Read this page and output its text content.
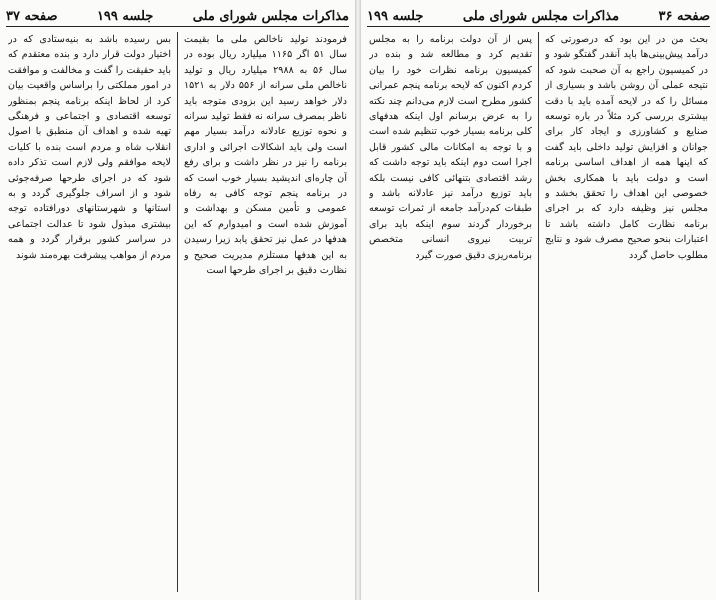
مذاکرات مجلس شورای ملی
جلسه ۱۹۹
صفحه ۳۷

فرمودند تولید ناخالص ملی ما بقیمت سال ۵۱ اگر ۱۱۶۵ میلیارد ریال بوده در سال ۵۶ به ۲۹۸۸ میلیارد ریال و تولید ناخالص ملی سرانه از ۵۵۶ دلار به ۱۵۲۱ دلار خواهد رسید این بزودی متوجه باید ناظر بمصرف سرانه نه فقط تولید سرانه و نحوه توزیع عادلانه درآمد بسیار مهم است ولی باید اشکالات اجرائی و اداری برنامه را نیز در نظر داشت و برای رفع آن چاره‌ای اندیشید بسیار خوب است که در برنامه پنجم توجه کافی به رفاه عمومی و تأمین مسکن و بهداشت و آموزش شده است و امیدوارم که این هدفها در عمل نیز تحقق یابد زیرا رسیدن به این هدفها مستلزم مدیریت صحیح و نظارت دقیق بر اجرای طرحها است

بس رسیده باشد به بنیه‌ستادی که در اختیار دولت قرار دارد و بنده معتقدم که باید حقیقت را گفت و مخالفت و موافقت در امور مملکتی را براساس واقعیت بیان کرد از لحاظ اینکه برنامه پنجم بمنظور توسعه اقتصادی و اجتماعی و فرهنگی تهیه شده و اهداف آن منطبق با اصول انقلاب شاه و مردم است بنده با کلیات لایحه موافقم ولی لازم است تذکر داده شود که در اجرای طرحها صرفه‌جوئی شود و از اسراف جلوگیری گردد و به استانها و شهرستانهای دورافتاده توجه بیشتری مبذول شود تا عدالت اجتماعی در سراسر کشور برقرار گردد و همه مردم از مواهب پیشرفت بهره‌مند شوند

صفحه ۳۶
مذاکرات مجلس شورای ملی
جلسه ۱۹۹

بحث من در این بود که درصورتی که درآمد پیش‌بینی‌ها باید آنقدر گفتگو شود و در کمیسیون راجع به آن صحبت شود که نتیجه عملی آن روشن باشد و بسیاری از مسائل را که در لایحه آمده باید با دقت بیشتری بررسی کرد مثلاً در باره توسعه صنایع و کشاورزی و ایجاد کار برای جوانان و افزایش تولید داخلی باید گفت که اینها همه از اهداف اساسی برنامه است و دولت باید با همکاری بخش خصوصی این اهداف را تحقق بخشد و مجلس نیز وظیفه دارد که بر اجرای برنامه نظارت کامل داشته باشد تا اعتبارات بنحو صحیح مصرف شود و نتایج مطلوب حاصل گردد

پس از آن دولت برنامه را به مجلس تقدیم کرد و مطالعه شد و بنده در کمیسیون برنامه نظرات خود را بیان کردم اکنون که لایحه برنامه پنجم عمرانی کشور مطرح است لازم می‌دانم چند نکته را به عرض برسانم اول اینکه هدفهای کلی برنامه بسیار خوب تنظیم شده است و با توجه به امکانات مالی کشور قابل اجرا است دوم اینکه باید توجه داشت که رشد اقتصادی بتنهائی کافی نیست بلکه باید توزیع درآمد نیز عادلانه باشد و طبقات کم‌درآمد جامعه از ثمرات توسعه برخوردار گردند سوم اینکه باید برای تربیت نیروی انسانی متخصص برنامه‌ریزی دقیق صورت گیرد
